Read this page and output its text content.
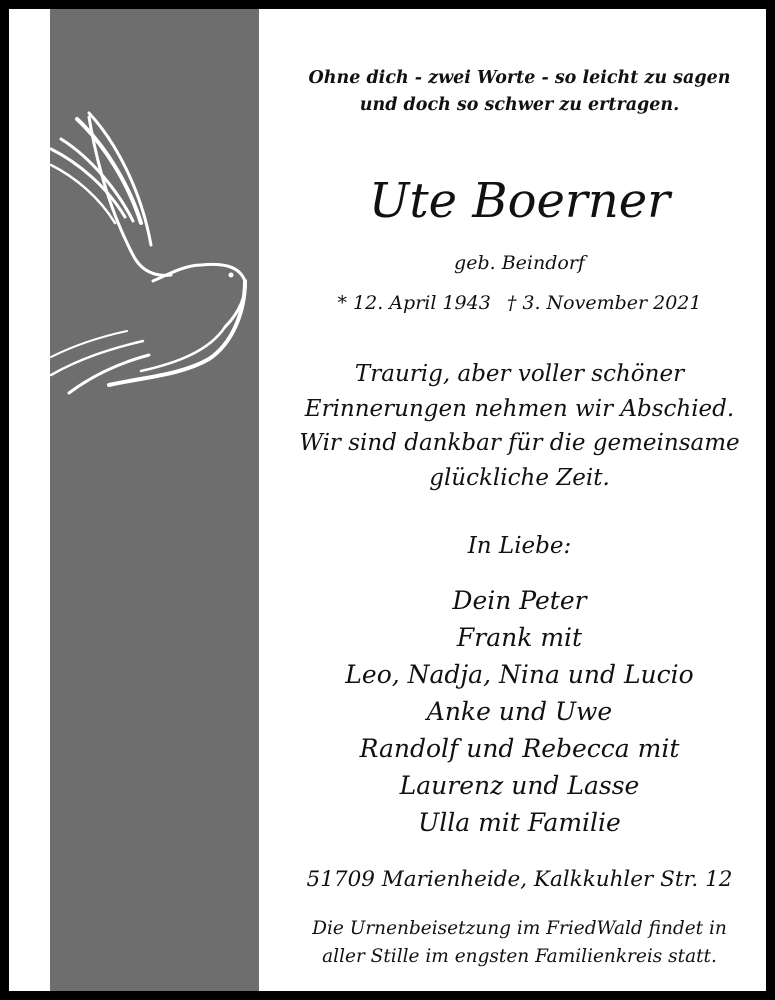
Ohne dich - zwei Worte - so leicht zu sagen

und doch so schwer zu ertragen.

Ute Boerner
geb. Beindorf
* 12. April 1943 † 3. November 2021

Traurig, aber voller schöner

Erinnerungen nehmen wir Abschied.

Wir sind dankbar für die gemeinsame

glückliche Zeit.

In Liebe:

Dein Peter

Frank mit

Leo, Nadja, Nina und Lucio

Anke und Uwe

Randolf und Rebecca mit

Laurenz und Lasse

Ulla mit Familie

51709 Marienheide, Kalkkuhler Str. 12

Die Urnenbeisetzung im FriedWald findet in

aller Stille im engsten Familienkreis statt.
